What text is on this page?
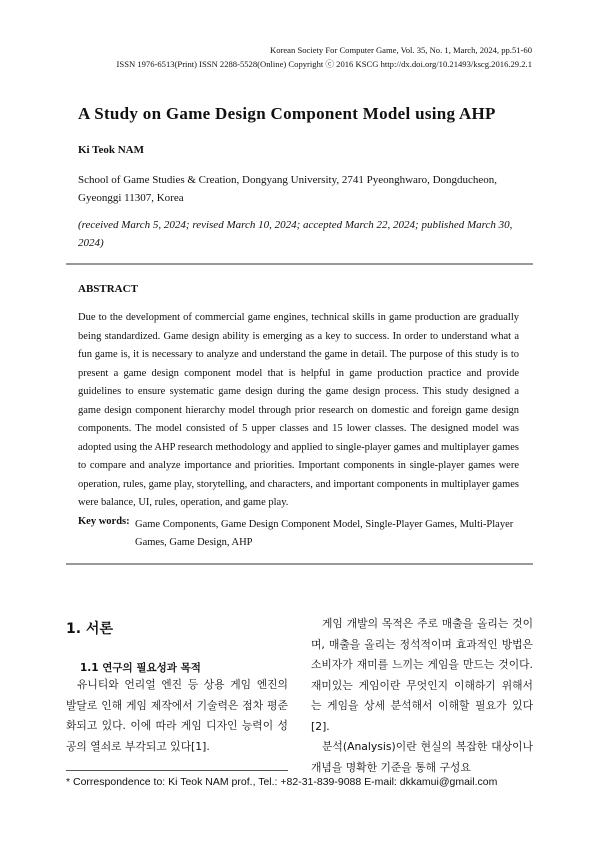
Korean Society For Computer Game, Vol. 35, No. 1, March, 2024, pp.51-60
ISSN 1976-6513(Print) ISSN 2288-5528(Online) Copyright ⓒ 2016 KSCG http://dx.doi.org/10.21493/kscg.2016.29.2.1
A Study on Game Design Component Model using AHP
Ki Teok NAM
School of Game Studies & Creation, Dongyang University, 2741 Pyeonghwaro, Dongducheon, Gyeonggi 11307, Korea
(received March 5, 2024; revised March 10, 2024; accepted March 22, 2024; published March 30, 2024)
ABSTRACT
Due to the development of commercial game engines, technical skills in game production are gradually being standardized. Game design ability is emerging as a key to success. In order to understand what a fun game is, it is necessary to analyze and understand the game in detail. The purpose of this study is to present a game design component model that is helpful in game production practice and provide guidelines to ensure systematic game design during the game design process. This study designed a game design component hierarchy model through prior research on domestic and foreign game design components. The model consisted of 5 upper classes and 15 lower classes. The designed model was adopted using the AHP research methodology and applied to single-player games and multiplayer games to compare and analyze importance and priorities. Important components in single-player games were operation, rules, game play, storytelling, and characters, and important components in multiplayer games were balance, UI, rules, operation, and game play.
Key words: Game Components, Game Design Component Model, Single-Player Games, Multi-Player Games, Game Design, AHP
1. 서론
1.1 연구의 필요성과 목적
유니티와 언리얼 엔진 등 상용 게임 엔진의 발달로 인해 게임 제작에서 기술력은 점차 평준화되고 있다. 이에 따라 게임 디자인 능력이 성공의 열쇠로 부각되고 있다[1].

게임 개발의 목적은 주로 매출을 올리는 것이며, 매출을 올리는 정석적이며 효과적인 방법은 소비자가 재미를 느끼는 게임을 만드는 것이다. 재미있는 게임이란 무엇인지 이해하기 위해서는 게임을 상세 분석해서 이해할 필요가 있다[2].

분석(Analysis)이란 현실의 복잡한 대상이나 개념을 명확한 기준을 통해 구성요

* Correspondence to: Ki Teok NAM prof., Tel.: +82-31-839-9088 E-mail: dkkamui@gmail.com
